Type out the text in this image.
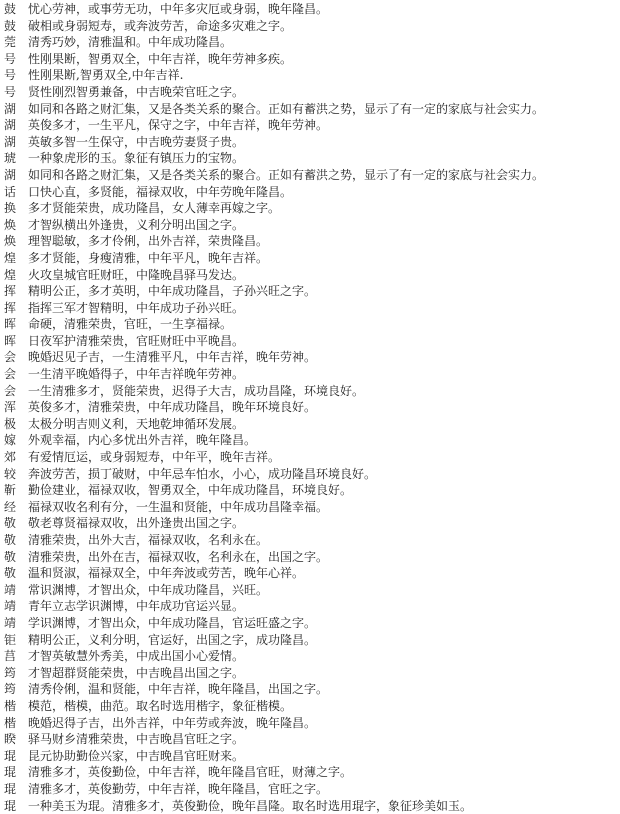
鼓 忧心劳神，或事劳无功，中年多灾厄或身弱，晚年隆昌。
鼓 破相或身弱短寿，或奔波劳苦，命途多灾难之字。
莞 清秀巧妙，清雅温和。中年成功隆昌。
号 性刚果断，智勇双全，中年吉祥，晚年劳神多疾。
号 性刚果断,智勇双全,中年吉祥.
号 贤性刚烈智勇兼备，中吉晚荣官旺之字。
湖 如同和各路之财汇集，又是各类关系的聚合。正如有蓄洪之势，显示了有一定的家底与社会实力。
湖 英俊多才，一生平凡，保守之字，中年吉祥，晚年劳神。
湖 英敏多智一生保守，中吉晚劳妻贤子贵。
琥 一种象虎形的玉。象征有镇压力的宝物。
湖 如同和各路之财汇集，又是各类关系的聚合。正如有蓄洪之势，显示了有一定的家底与社会实力。
话 口快心直，多贤能，福禄双收，中年劳晚年隆昌。
换 多才贤能荣贵，成功隆昌，女人薄幸再嫁之字。
焕 才智纵横出外逢贵，义利分明出国之字。
焕 理智聪敏，多才伶俐，出外吉祥，荣贵隆昌。
煌 多才贤能，身瘦清雅，中年平凡，晚年吉祥。
煌 火攻皇城官旺财旺，中隆晚昌驿马发达。
挥 精明公正，多才英明，中年成功隆昌，子孙兴旺之字。
挥 指挥三军才智精明，中年成功子孙兴旺。
晖 命硬，清雅荣贵，官旺，一生享福禄。
晖 日夜军护清雅荣贵，官旺财旺中平晚昌。
会 晚婚迟见子吉，一生清雅平凡，中年吉祥，晚年劳神。
会 一生清平晚婚得子，中年吉祥晚年劳神。
会 一生清雅多才，贤能荣贵，迟得子大吉，成功昌隆，环境良好。
浑 英俊多才，清雅荣贵，中年成功隆昌，晚年环境良好。
极 太极分明吉则义利，天地乾坤循环发展。
嫁 外观幸福，内心多忧出外吉祥，晚年隆昌。
郊 有爱情厄运，或身弱短寿，中年平，晚年吉祥。
较 奔波劳苦，损丁破财，中年忌车怕水，小心，成功隆昌环境良好。
靳 勤俭建业，福禄双收，智勇双全，中年成功隆昌，环境良好。
经 福禄双收名利有分，一生温和贤能，中年成功昌隆幸福。
敬 敬老尊贤福禄双收，出外逢贵出国之字。
敬 清雅荣贵，出外大吉，福禄双收，名利永在。
敬 清雅荣贵，出外在吉，福禄双收，名利永在，出国之字。
敬 温和贤淑，福禄双全，中年奔波或劳苦，晚年心祥。
靖 常识渊博，才智出众，中年成功隆昌，兴旺。
靖 青年立志学识渊博，中年成功官运兴显。
靖 学识渊博，才智出众，中年成功隆昌，官运旺盛之字。
钜 精明公正，义利分明，官运好，出国之字，成功隆昌。
莒 才智英敏慧外秀美，中成出国小心爱情。
筠 才智超群贤能荣贵，中吉晚昌出国之字。
筠 清秀伶俐，温和贤能，中年吉祥，晚年隆昌，出国之字。
楷 模范，楷模，曲范。取名时选用楷字，象征楷模。
楷 晚婚迟得子吉，出外吉祥，中年劳或奔波，晚年隆昌。
睽 驿马财乡清雅荣贵，中吉晚昌官旺之字。
琨 昆元协助勤俭兴家，中吉晚昌官旺财来。
琨 清雅多才，英俊勤俭，中年吉祥，晚年隆昌官旺，财薄之字。
琨 清雅多才，英俊勤劳，中年吉祥，晚年隆昌，官旺之字。
琨 一种美玉为琨。清雅多才，英俊勤俭，晚年昌隆。取名时选用琨字，象征珍美如玉。
